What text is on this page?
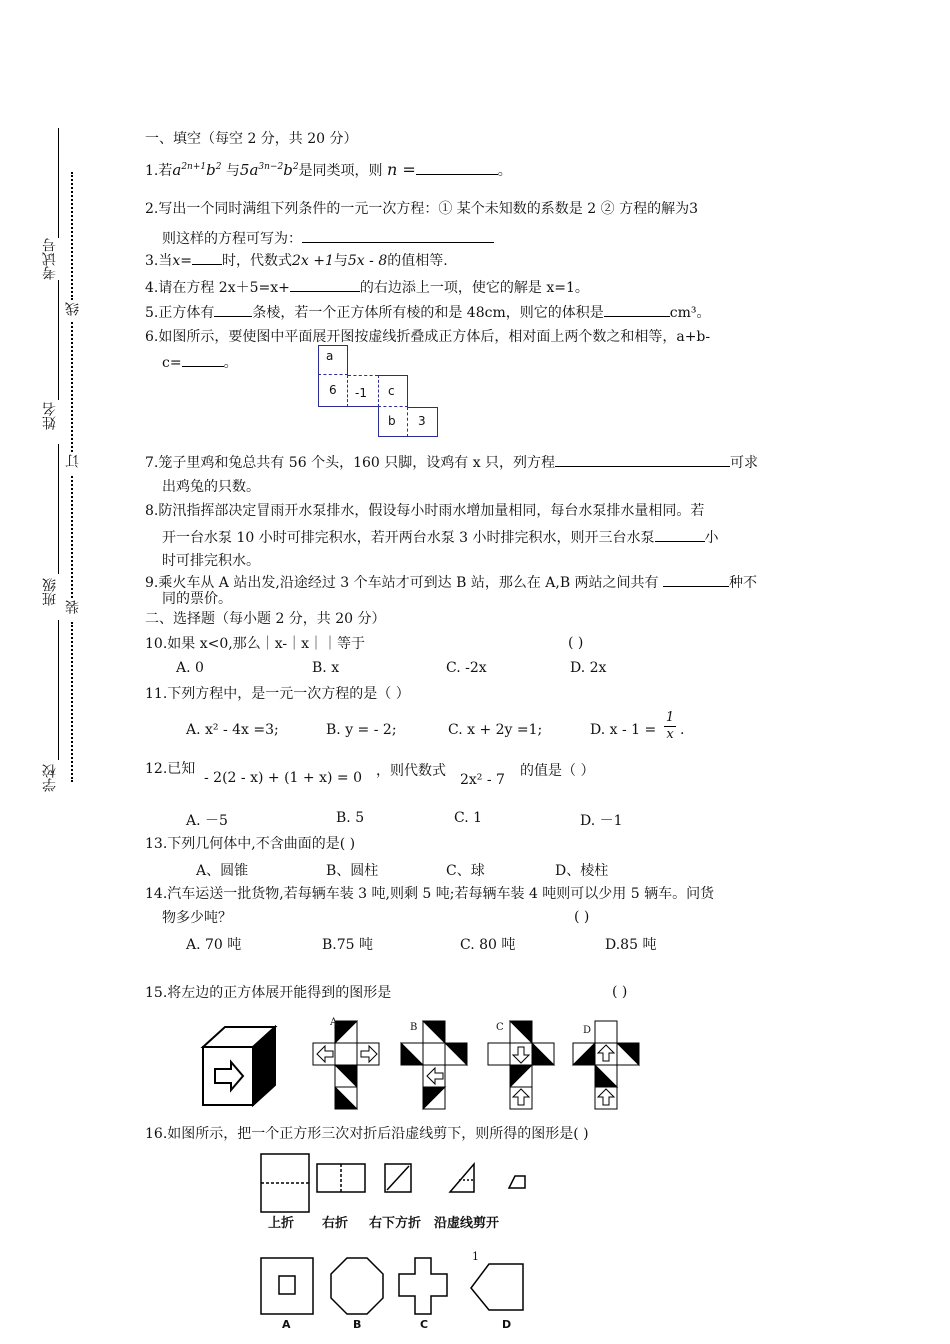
考试号
姓名
班级
学校
线
订
装
一、填空（每空 2 分，共 20 分）
1.若$a^{2n+1}b^2$ 与$5a^{3n-2}b^2$是同类项，则 n =	。
2.写出一个同时满组下列条件的一元一次方程：① 某个未知数的系数是 2 ② 方程的解为3
则这样的方程可写为：
3.当x= 时，代数式2x +1与5x - 8的值相等.
4.请在方程 2x＋5=x+	的右边添上一项，使它的解是 x=1。
5.正方体有	条棱，若一个正方体所有棱的和是 48cm，则它的体积是	cm³。
6.如图所示，要使图中平面展开图按虚线折叠成正方体后，相对面上两个数之和相等，a+b-
c=	。	a
6	-1	c
b	3
7.笼子里鸡和兔总共有 56 个头，160 只脚，设鸡有 x 只，列方程	可求
出鸡兔的只数。
8.防汛指挥部决定冒雨开水泵排水，假设每小时雨水增加量相同，每台水泵排水量相同。若
开一台水泵 10 小时可排完积水，若开两台水泵 3 小时排完积水，则开三台水泵	小
时可排完积水。
9.乘火车从 A 站出发,沿途经过 3 个车站才可到达 B 站，那么在 A,B 两站之间共有	种不
同的票价。
二、选择题（每小题 2 分，共 20 分）
10.如果 x<0,那么｜x-｜x｜｜等于	( )
A. 0	B. x	C. -2x	D. 2x
11.下列方程中，是一元一次方程的是（ ）
A. x² - 4x =3;	B. y = - 2;	C. x + 2y =1;	D. $x - 1 = \frac{1}{x}$ .
12.已知
- 2(2 - x) + (1 + x) = 0 ，则代数式
2x² - 7
的值是（ ）
A. －5	B. 5	C. 1	D. －1
13.下列几何体中,不含曲面的是( )
A、圆锥	B、圆柱	C、球	D、棱柱
14.汽车运送一批货物,若每辆车装 3 吨,则剩 5 吨;若每辆车装 4 吨则可以少用 5 辆车。问货
物多少吨？	( )
A. 70 吨	B.75 吨	C. 80 吨	D.85 吨
15.将左边的正方体展开能得到的图形是	( )
A	B	C	D
16.如图所示，把一个正方形三次对折后沿虚线剪下，则所得的图形是( )
上折 右折 右下方折 沿虚线剪开
1
A	B	C	D
